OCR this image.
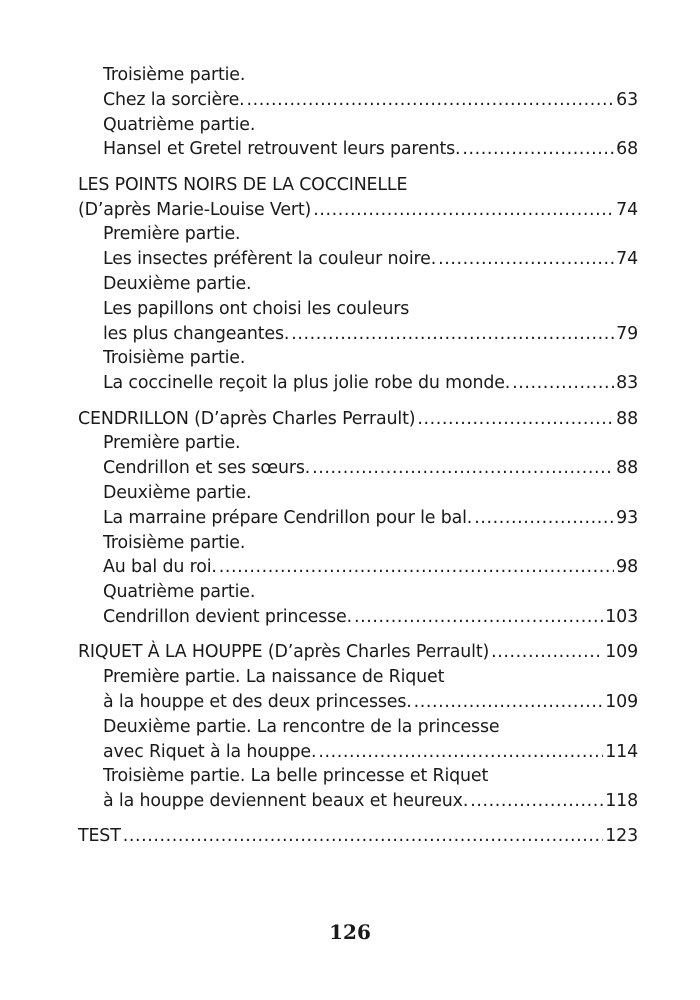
Troisième partie.
Chez la sorcière. .....	63
Quatrième partie.
Hansel et Gretel retrouvent leurs parents. .....	68
LES POINTS NOIRS DE LA COCCINELLE
(D’après Marie-Louise Vert) .....	74
Première partie.
Les insectes préfèrent la couleur noire. .....	74
Deuxième partie.
Les papillons ont choisi les couleurs
les plus changeantes. .....	79
Troisième partie.
La coccinelle reçoit la plus jolie robe du monde. .....	83
CENDRILLON (D’après Charles Perrault) .....	88
Première partie.
Cendrillon et ses sœurs. .....	88
Deuxième partie.
La marraine prépare Cendrillon pour le bal. .....	93
Troisième partie.
Au bal du roi. .....	98
Quatrième partie.
Cendrillon devient princesse. .....	103
RIQUET À LA HOUPPE (D’après Charles Perrault) .....	109
Première partie. La naissance de Riquet
à la houppe et des deux princesses. .....	109
Deuxième partie. La rencontre de la princesse
avec Riquet à la houppe. .....	114
Troisième partie. La belle princesse et Riquet
à la houppe deviennent beaux et heureux. .....	118
TEST .....	123
126
